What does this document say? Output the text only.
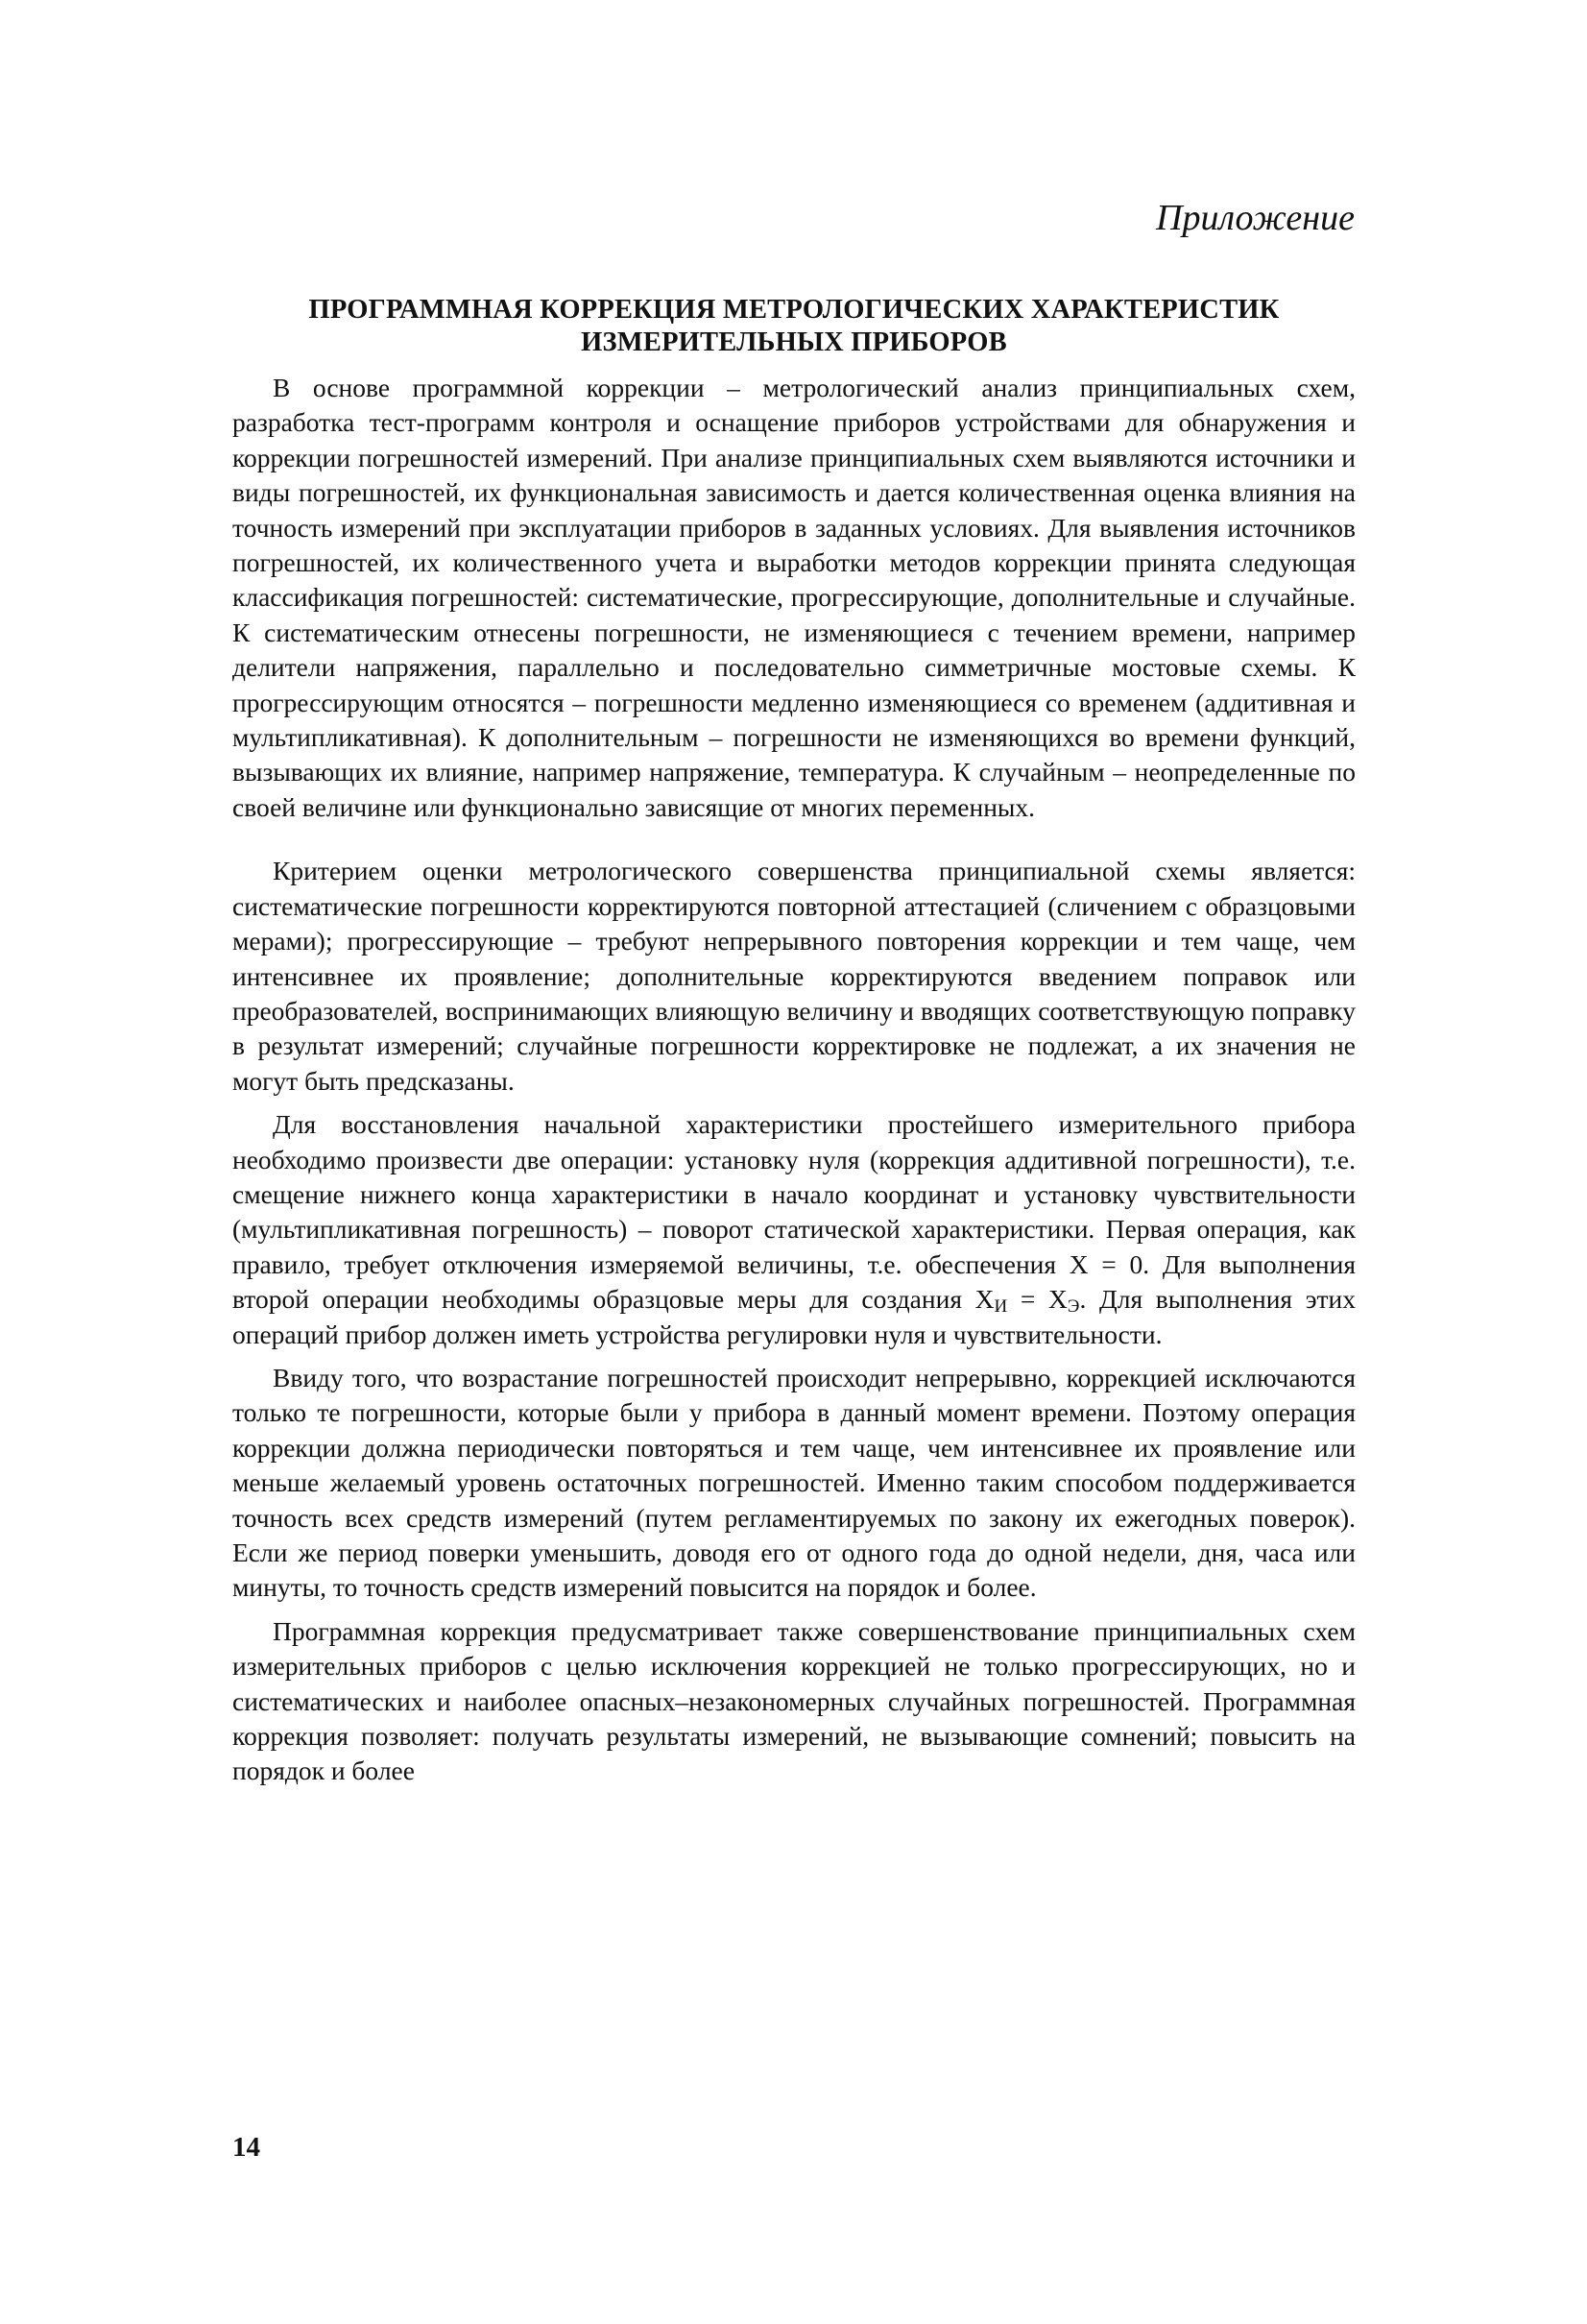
Приложение
ПРОГРАММНАЯ КОРРЕКЦИЯ МЕТРОЛОГИЧЕСКИХ ХАРАКТЕРИСТИК
ИЗМЕРИТЕЛЬНЫХ ПРИБОРОВ

В основе программной коррекции – метрологический анализ принципиальных схем, разработка тест-программ контроля и оснащение приборов устройствами для обнаружения и коррекции погрешностей измерений. При анализе принципиальных схем выявляются источники и виды погрешностей, их функциональная зависимость и дается количественная оценка влияния на точность измерений при эксплуатации приборов в заданных условиях. Для выявления источников погрешностей, их количественного учета и выработки методов коррекции принята следующая классификация погрешностей: систематические, прогрессирующие, дополнительные и случайные. К систематическим отнесены погрешности, не изменяющиеся с течением времени, например делители напряжения, параллельно и последовательно симметричные мостовые схемы. К прогрессирующим относятся – погрешности медленно изменяющиеся со временем (аддитивная и мультипликативная). К дополнительным – погрешности не изменяющихся во времени функций, вызывающих их влияние, например напряжение, температура. К случайным – неопределенные по своей величине или функционально зависящие от многих переменных.

Критерием оценки метрологического совершенства принципиальной схемы является: систематические погрешности корректируются повторной аттестацией (сличением с образцовыми мерами); прогрессирующие – требуют непрерывного повторения коррекции и тем чаще, чем интенсивнее их проявление; дополнительные корректируются введением поправок или преобразователей, воспринимающих влияющую величину и вводящих соответствующую поправку в результат измерений; случайные погрешности корректировке не подлежат, а их значения не могут быть предсказаны.

Для восстановления начальной характеристики простейшего измерительного прибора необходимо произвести две операции: установку нуля (коррекция аддитивной погрешности), т.е. смещение нижнего конца характеристики в начало координат и установку чувствительности (мультипликативная погрешность) – поворот статической характеристики. Первая операция, как правило, требует отключения измеряемой величины, т.е. обеспечения X = 0. Для выполнения второй операции необходимы образцовые меры для создания $X_И = X_Э$. Для выполнения этих операций прибор должен иметь устройства регулировки нуля и чувствительности.

Ввиду того, что возрастание погрешностей происходит непрерывно, коррекцией исключаются только те погрешности, которые были у прибора в данный момент времени. Поэтому операция коррекции должна периодически повторяться и тем чаще, чем интенсивнее их проявление или меньше желаемый уровень остаточных погрешностей. Именно таким способом поддерживается точность всех средств измерений (путем регламентируемых по закону их ежегодных поверок). Если же период поверки уменьшить, доводя его от одного года до одной недели, дня, часа или минуты, то точность средств измерений повысится на порядок и более.

Программная коррекция предусматривает также совершенствование принципиальных схем измерительных приборов с целью исключения коррекцией не только прогрессирующих, но и систематических и наиболее опасных–незакономерных случайных погрешностей. Программная коррекция позволяет: получать результаты измерений, не вызывающие сомнений; повысить на порядок и более

14
